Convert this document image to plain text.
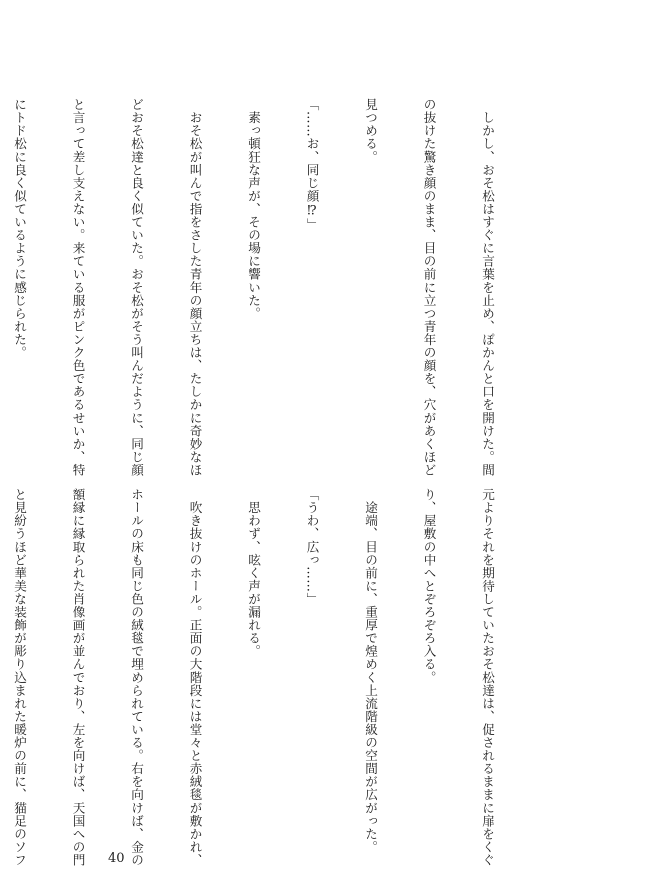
　しかし、おそ松はすぐに言葉を止め、ぽかんと口を開けた。間

の抜けた驚き顔のまま、目の前に立つ青年の顔を、穴があくほど

見つめる。

「……お、同じ顔⁉」

　素っ頓狂な声が、その場に響いた。

　おそ松が叫んで指をさした青年の顔立ちは、たしかに奇妙なほ

どおそ松達と良く似ていた。おそ松がそう叫んだように、同じ顔

と言って差し支えない。来ている服がピンク色であるせいか、特

にトド松に良く似ているように感じられた。

元よりそれを期待していたおそ松達は、促されるままに扉をくぐ

り、屋敷の中へとぞろぞろ入る。

　途端、目の前に、重厚で煌めく上流階級の空間が広がった。

「うわ、広っ……」

　思わず、呟く声が漏れる。

　吹き抜けのホール。正面の大階段には堂々と赤絨毯が敷かれ、

ホールの床も同じ色の絨毯で埋められている。右を向けば、金の

額縁に縁取られた肖像画が並んでおり、左を向けば、天国への門

と見紛うほど華美な装飾が彫り込まれた暖炉の前に、猫足のソフ

	40
